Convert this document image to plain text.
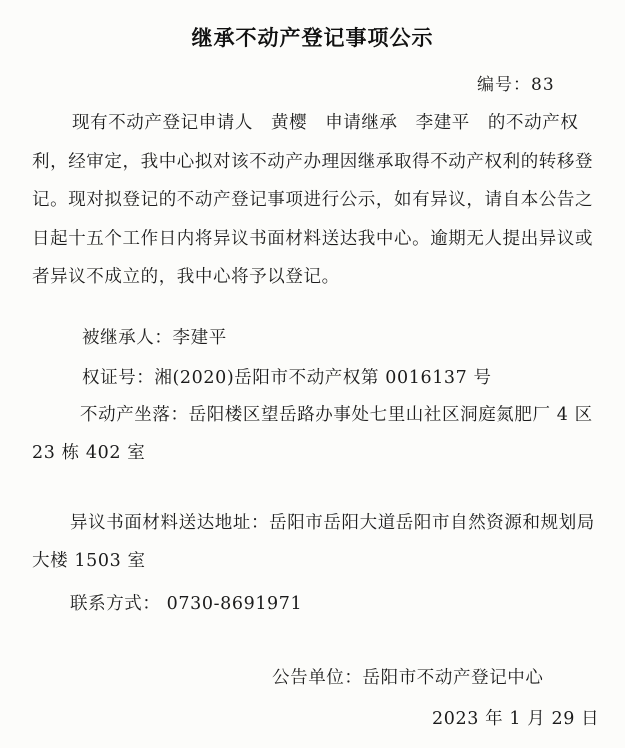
继承不动产登记事项公示
编号：83
现有不动产登记申请人 黄樱 申请继承 李建平 的不动产权利，经审定，我中心拟对该不动产办理因继承取得不动产权利的转移登记。现对拟登记的不动产登记事项进行公示，如有异议，请自本公告之日起十五个工作日内将异议书面材料送达我中心。逾期无人提出异议或者异议不成立的，我中心将予以登记。
被继承人：李建平
权证号：湘(2020)岳阳市不动产权第 0016137 号
不动产坐落：岳阳楼区望岳路办事处七里山社区洞庭氮肥厂 4 区 23 栋 402 室
异议书面材料送达地址：岳阳市岳阳大道岳阳市自然资源和规划局大楼 1503 室
联系方式： 0730-8691971
公告单位：岳阳市不动产登记中心
2023 年 1 月 29 日
